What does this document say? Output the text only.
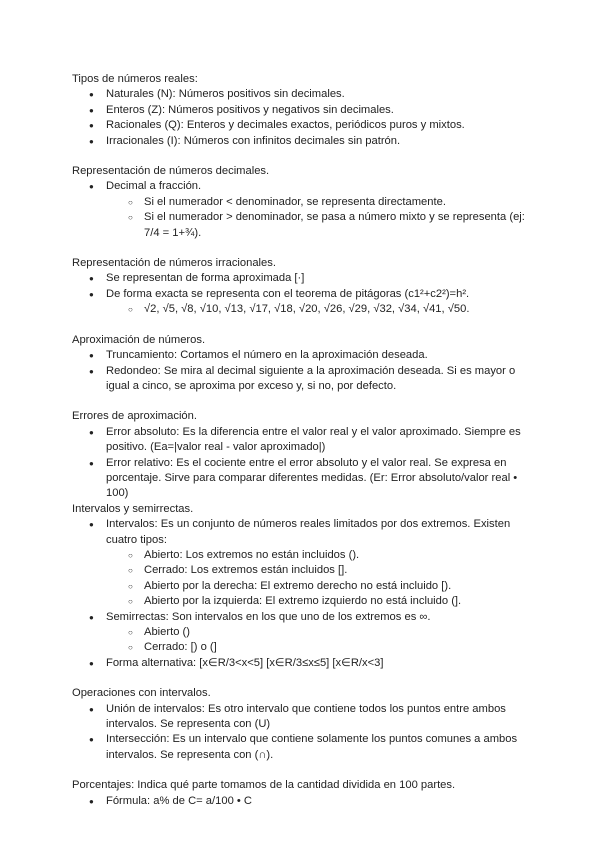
Tipos de números reales:
● Naturales (N): Números positivos sin decimales.
● Enteros (Z): Números positivos y negativos sin decimales.
● Racionales (Q): Enteros y decimales exactos, periódicos puros y mixtos.
● Irracionales (I): Números con infinitos decimales sin patrón.
Representación de números decimales.
● Decimal a fracción.
○ Si el numerador < denominador, se representa directamente.
○ Si el numerador > denominador, se pasa a número mixto y se representa (ej: 7/4 = 1+¾).
Representación de números irracionales.
● Se representan de forma aproximada [·]
● De forma exacta se representa con el teorema de pitágoras (c1²+c2²)=h².
○ √2, √5, √8, √10, √13, √17, √18, √20, √26, √29, √32, √34, √41, √50.
Aproximación de números.
● Truncamiento: Cortamos el número en la aproximación deseada.
● Redondeo: Se mira al decimal siguiente a la aproximación deseada. Si es mayor o igual a cinco, se aproxima por exceso y, si no, por defecto.
Errores de aproximación.
● Error absoluto: Es la diferencia entre el valor real y el valor aproximado. Siempre es positivo. (Ea=|valor real - valor aproximado|)
● Error relativo: Es el cociente entre el error absoluto y el valor real. Se expresa en porcentaje. Sirve para comparar diferentes medidas. (Er: Error absoluto/valor real • 100)
Intervalos y semirrectas.
● Intervalos: Es un conjunto de números reales limitados por dos extremos. Existen cuatro tipos:
○ Abierto: Los extremos no están incluidos ().
○ Cerrado: Los extremos están incluidos [].
○ Abierto por la derecha: El extremo derecho no está incluido [).
○ Abierto por la izquierda: El extremo izquierdo no está incluido (].
● Semirrectas: Son intervalos en los que uno de los extremos es ∞.
○ Abierto ()
○ Cerrado: [) o (]
● Forma alternativa: [x∈R/3<x<5] [x∈R/3≤x≤5] [x∈R/x<3]
Operaciones con intervalos.
● Unión de intervalos: Es otro intervalo que contiene todos los puntos entre ambos intervalos. Se representa con (U)
● Intersección: Es un intervalo que contiene solamente los puntos comunes a ambos intervalos. Se representa con (∩).
Porcentajes: Indica qué parte tomamos de la cantidad dividida en 100 partes.
● Fórmula: a% de C= a/100 • C
